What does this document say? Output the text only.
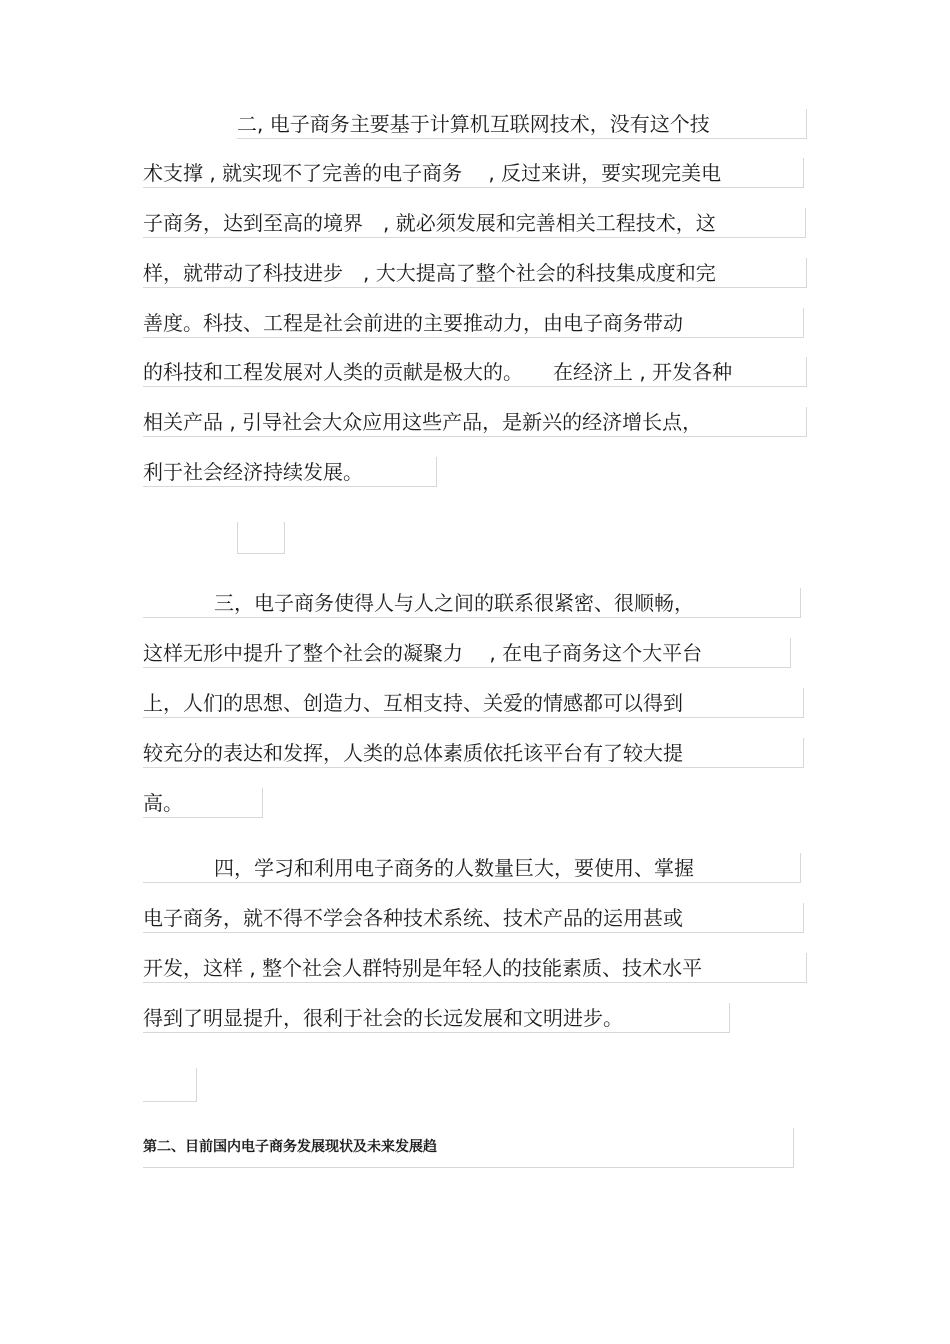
二, 电子商务主要基于计算机互联网技术，没有这个技
术支撑 , 就实现不了完善的电子商务　 , 反过来讲，要实现完美电
子商务，达到至高的境界　, 就必须发展和完善相关工程技术，这
样，就带动了科技进步　, 大大提高了整个社会的科技集成度和完
善度。科技、工程是社会前进的主要推动力，由电子商务带动
的科技和工程发展对人类的贡献是极大的。　　在经济上 , 开发各种
相关产品 , 引导社会大众应用这些产品，是新兴的经济增长点，
利于社会经济持续发展。
三，电子商务使得人与人之间的联系很紧密、很顺畅，
这样无形中提升了整个社会的凝聚力　 , 在电子商务这个大平台
上，人们的思想、创造力、互相支持、关爱的情感都可以得到
较充分的表达和发挥，人类的总体素质依托该平台有了较大提
高。
四，学习和利用电子商务的人数量巨大，要使用、掌握
电子商务，就不得不学会各种技术系统、技术产品的运用甚或
开发，这样 , 整个社会人群特别是年轻人的技能素质、技术水平
得到了明显提升，很利于社会的长远发展和文明进步。
第二、目前国内电子商务发展现状及未来发展趋
